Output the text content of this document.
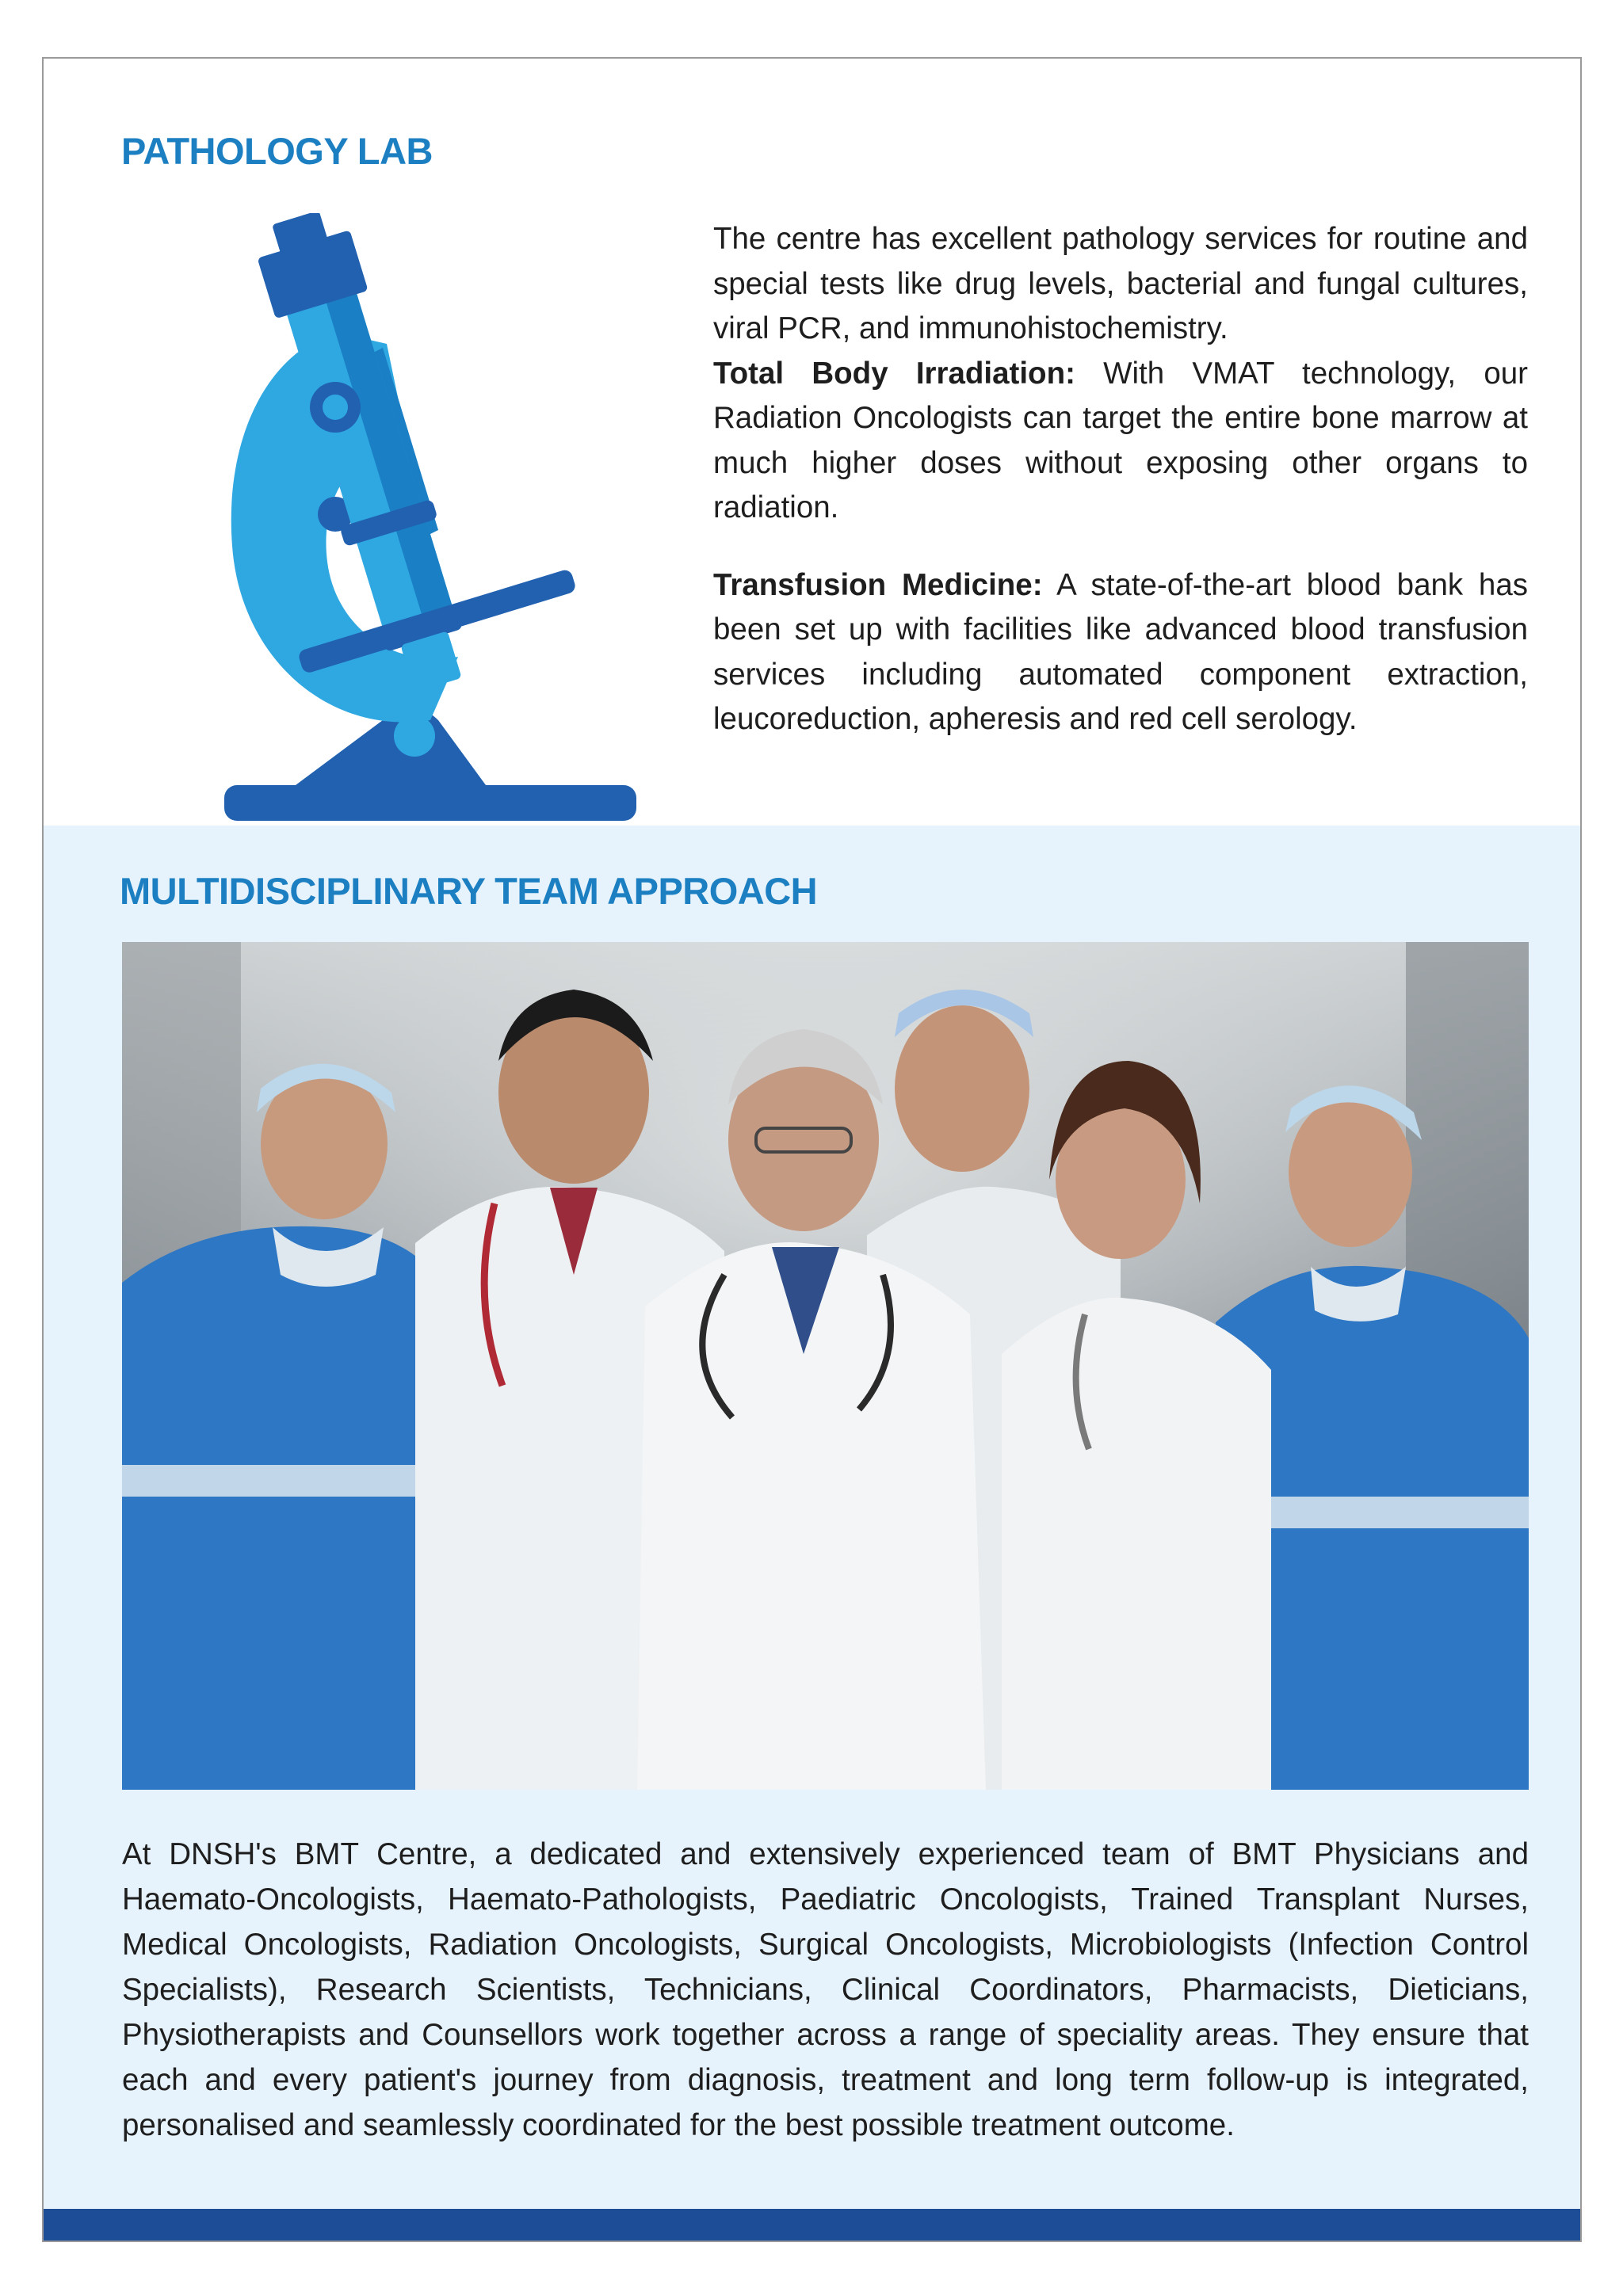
PATHOLOGY LAB

The centre has excellent pathology services for routine and special tests like drug levels, bacterial and fungal cultures, viral PCR, and immunohistochemistry.

Total Body Irradiation: With VMAT technology, our Radiation Oncologists can target the entire bone marrow at much higher doses without exposing other organs to radiation.

Transfusion Medicine: A state-of-the-art blood bank has been set up with facilities like advanced blood transfusion services including automated component extraction, leucoreduction, apheresis and red cell serology.

MULTIDISCIPLINARY TEAM APPROACH

At DNSH's BMT Centre, a dedicated and extensively experienced team of BMT Physicians and Haemato-Oncologists, Haemato-Pathologists, Paediatric Oncologists, Trained Transplant Nurses, Medical Oncologists, Radiation Oncologists, Surgical Oncologists, Microbiologists (Infection Control Specialists), Research Scientists, Technicians, Clinical Coordinators, Pharmacists, Dieticians, Physiotherapists and Counsellors work together across a range of speciality areas. They ensure that each and every patient's journey from diagnosis, treatment and long term follow-up is integrated, personalised and seamlessly coordinated for the best possible treatment outcome.
